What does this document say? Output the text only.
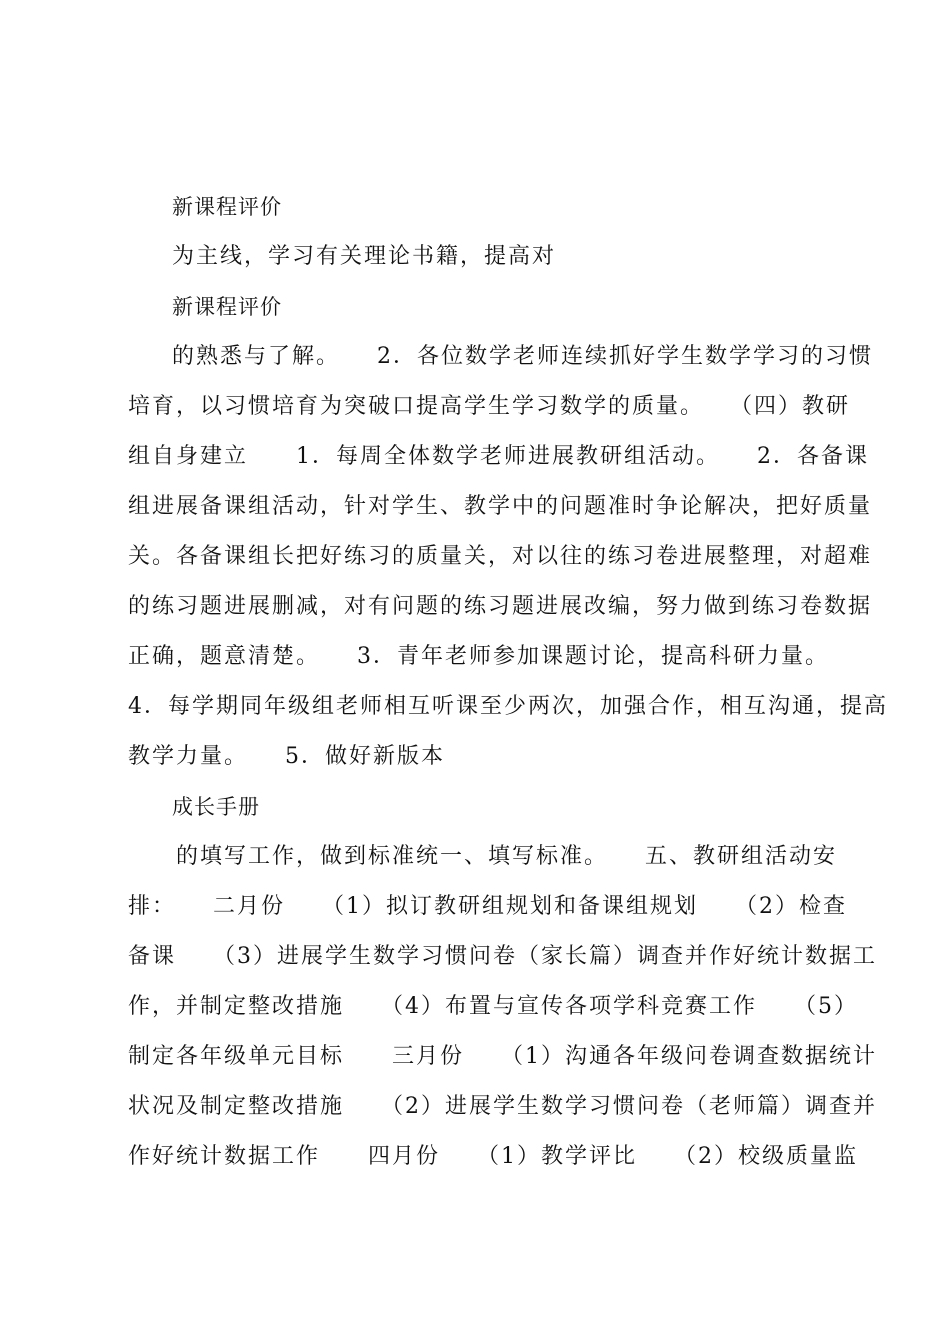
新课程评价
为主线，学习有关理论书籍，提高对
新课程评价
的熟悉与了解。　　2．各位数学老师连续抓好学生数学学习的习惯
培育，以习惯培育为突破口提高学生学习数学的质量。　　（四）教研
组自身建立　　1．每周全体数学老师进展教研组活动。　　2．各备课
组进展备课组活动，针对学生、教学中的问题准时争论解决，把好质量
关。各备课组长把好练习的质量关，对以往的练习卷进展整理，对超难
的练习题进展删减，对有问题的练习题进展改编，努力做到练习卷数据
正确，题意清楚。　　3．青年老师参加课题讨论，提高科研力量。
4．每学期同年级组老师相互听课至少两次，加强合作，相互沟通，提高
教学力量。　　5．做好新版本
成长手册
的填写工作，做到标准统一、填写标准。　　五、教研组活动安
排：　　二月份　　（1）拟订教研组规划和备课组规划　　（2）检查
备课　　（3）进展学生数学习惯问卷（家长篇）调查并作好统计数据工
作，并制定整改措施　　（4）布置与宣传各项学科竞赛工作　　（5）
制定各年级单元目标　　三月份　　（1）沟通各年级问卷调查数据统计
状况及制定整改措施　　（2）进展学生数学习惯问卷（老师篇）调查并
作好统计数据工作　　四月份　　（1）教学评比　　（2）校级质量监
